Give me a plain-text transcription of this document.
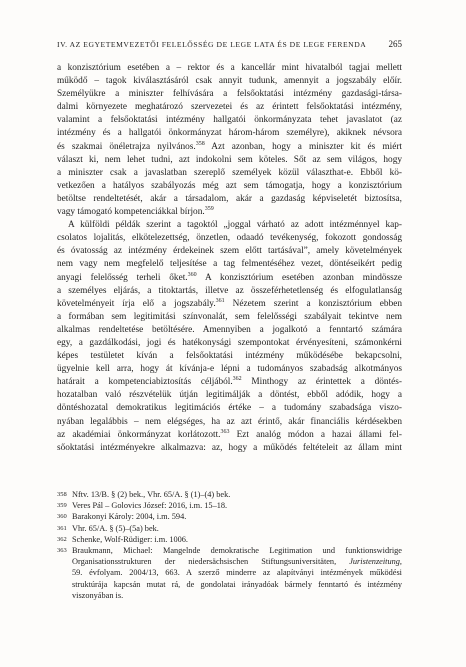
IV. AZ EGYETEMVEZETŐI FELELŐSSÉG DE LEGE LATA ÉS DE LEGE FERENDA 265
a konzisztórium esetében a – rektor és a kancellár mint hivatalból tagjai mellett
működő – tagok kiválasztásáról csak annyit tudunk, amennyit a jogszabály előír.
Személyükre a miniszter felhívására a felsőoktatási intézmény gazdasági-társa-
dalmi környezete meghatározó szervezetei és az érintett felsőoktatási intézmény,
valamint a felsőoktatási intézmény hallgatói önkormányzata tehet javaslatot (az
intézmény és a hallgatói önkormányzat három-három személyre), akiknek névsora
és szakmai önéletrajza nyilvános.$^{358}$ Azt azonban, hogy a miniszter kit és miért
választ ki, nem lehet tudni, azt indokolni sem köteles. Sőt az sem világos, hogy
a miniszter csak a javaslatban szereplő személyek közül választhat-e. Ebből kö-
vetkezően a hatályos szabályozás még azt sem támogatja, hogy a konzisztórium
betöltse rendeltetését, akár a társadalom, akár a gazdaság képviseletét biztosítsa,
vagy támogató kompetenciákkal bírjon.$^{359}$
A külföldi példák szerint a tagoktól „joggal várható az adott intézménnyel kap-
csolatos lojalitás, elkötelezettség, önzetlen, odaadó tevékenység, fokozott gondosság
és óvatosság az intézmény érdekeinek szem előtt tartásával”, amely követelmények
nem vagy nem megfelelő teljesítése a tag felmentéséhez vezet, döntéseikért pedig
anyagi felelősség terheli őket.$^{360}$ A konzisztórium esetében azonban mindössze
a személyes eljárás, a titoktartás, illetve az összeférhetetlenség és elfogulatlanság
követelményeit írja elő a jogszabály.$^{361}$ Nézetem szerint a konzisztórium ebben
a formában sem legitimitási színvonalát, sem felelősségi szabályait tekintve nem
alkalmas rendeltetése betöltésére. Amennyiben a jogalkotó a fenntartó számára
egy, a gazdálkodási, jogi és hatékonysági szempontokat érvényesíteni, számonkérni
képes testületet kíván a felsőoktatási intézmény működésébe bekapcsolni,
ügyelnie kell arra, hogy át kívánja-e lépni a tudományos szabadság alkotmányos
határait a kompetenciabiztosítás céljából.$^{362}$ Minthogy az érintettek a döntés-
hozatalban való részvételük útján legitimálják a döntést, ebből adódik, hogy a
döntéshozatal demokratikus legitimációs értéke – a tudomány szabadsága viszo-
nyában legalábbis – nem elégséges, ha az azt érintő, akár financiális kérdésekben
az akadémiai önkormányzat korlátozott.$^{363}$ Ezt analóg módon a hazai állami fel-
sőoktatási intézményekre alkalmazva: az, hogy a működés feltételeit az állam mint
358 Nftv. 13/B. § (2) bek., Vhr. 65/A. § (1)–(4) bek.
359 Veres Pál – Golovics József: 2016, i.m. 15–18.
360 Barakonyi Károly: 2004, i.m. 594.
361 Vhr. 65/A. § (5)–(5a) bek.
362 Schenke, Wolf-Rüdiger: i.m. 1006.
363 Braukmann, Michael: Mangelnde demokratische Legitimation und funktionswidrige
Organisationsstrukturen der niedersächsischen Stiftungsuniversitäten, Juristenzeitung,
59. évfolyam. 2004/13, 663. A szerző minderre az alapítványi intézmények működési
struktúrája kapcsán mutat rá, de gondolatai irányadóak bármely fenntartó és intézmény
viszonyában is.
